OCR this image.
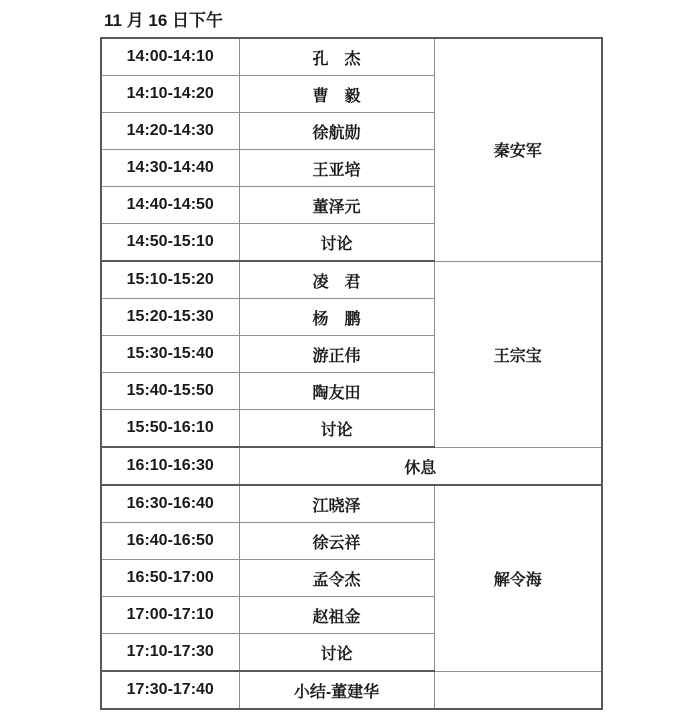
11 月 16 日下午
14:00-14:10	孔　杰	秦安军
14:10-14:20	曹　毅	
14:20-14:30	徐航勋	
14:30-14:40	王亚培	
14:40-14:50	董泽元	
14:50-15:10	讨论	
15:10-15:20	凌　君	王宗宝
15:20-15:30	杨　鹏	
15:30-15:40	游正伟	
15:40-15:50	陶友田	
15:50-16:10	讨论	
16:10-16:30	休息	
16:30-16:40	江晓泽	解令海
16:40-16:50	徐云祥	
16:50-17:00	孟令杰	
17:00-17:10	赵祖金	
17:10-17:30	讨论	
17:30-17:40	小结-董建华	
